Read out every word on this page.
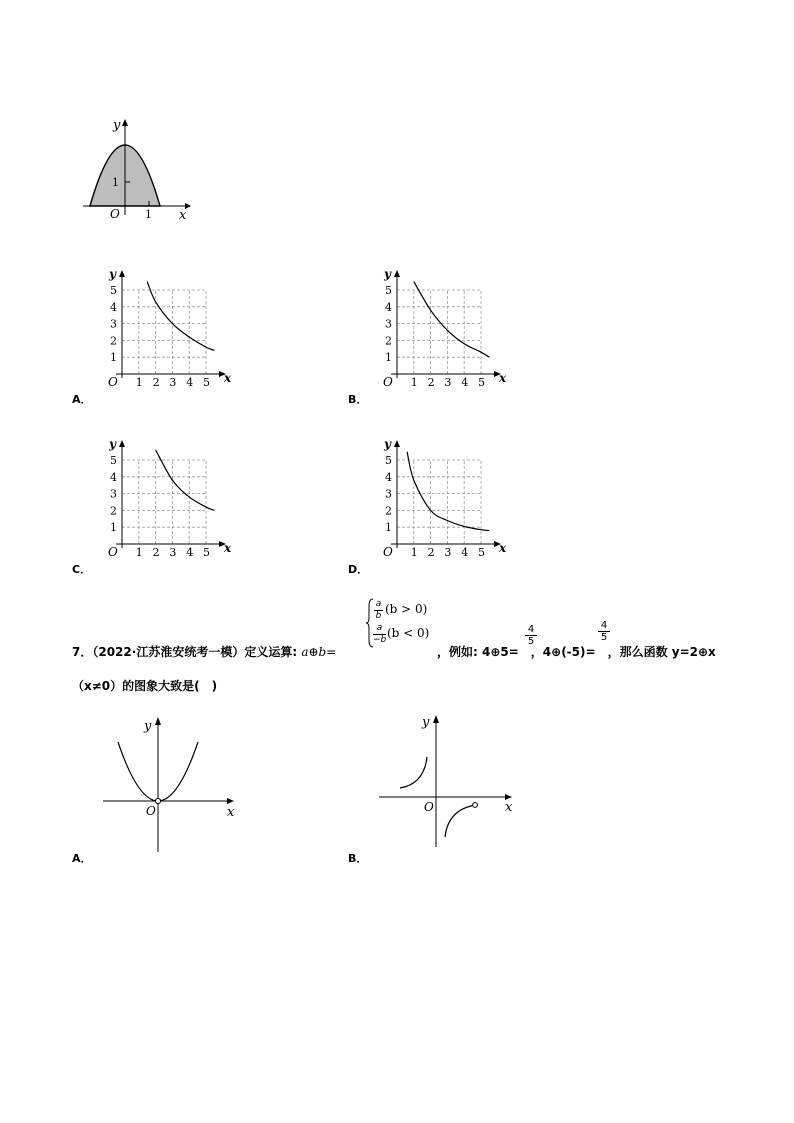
y
x
O
1
1
1
1
2
2
3
3
4
4
5
5
O
y
x
A．
1
1
2
2
3
3
4
4
5
5
O
y
x
B．
1
1
2
2
3
3
4
4
5
5
O
y
x
C．
1
1
2
2
3
3
4
4
5
5
O
y
x
D．
$\frac{a}{b} (b > 0)$
$\frac{a}{-b} (b < 0)$
7．（2022·江苏淮安统考一模）定义运算: a⊕b=	，例如: 4⊕5= ，4⊕(-5)= ，那么函数 y=2⊕x
$\frac{4}{5}$	$\frac{4}{5}$
（x≠0）的图象大致是(　)
y
x
O
A．
y
x
O
B．
